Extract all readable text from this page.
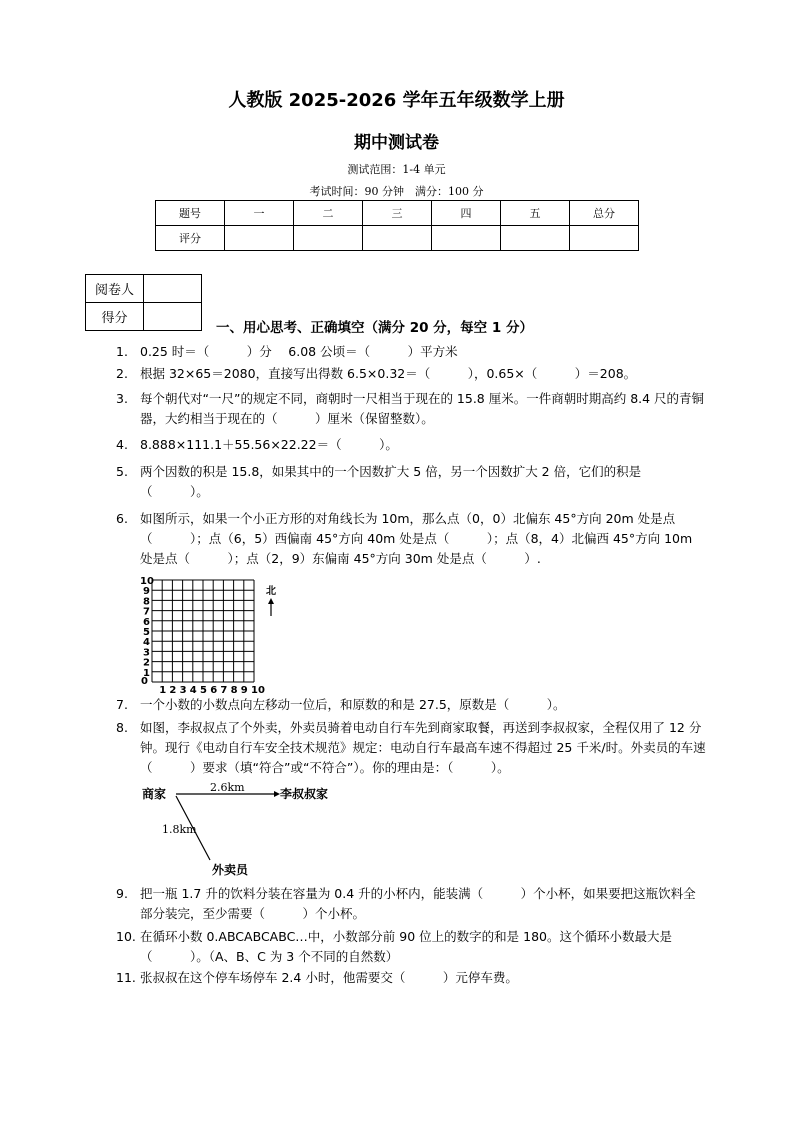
人教版 2025-2026 学年五年级数学上册
期中测试卷
测试范围：1-4 单元
考试时间：90 分钟　满分：100 分
题号	一	二	三	四	五	总分
评分						
阅卷人	
得分	
一、用心思考、正确填空（满分 20 分，每空 1 分）
1. 0.25 时＝（　　　）分　 6.08 公顷＝（　　　）平方米
2. 根据 32×65＝2080，直接写出得数 6.5×0.32＝（　　　），0.65×（　　　）＝208。
3. 每个朝代对“一尺”的规定不同，商朝时一尺相当于现在的 15.8 厘米。一件商朝时期高约 8.4 尺的青铜器，大约相当于现在的（　　　）厘米（保留整数）。
4. 8.888×111.1＋55.56×22.22＝（　　　）。
5. 两个因数的积是 15.8，如果其中的一个因数扩大 5 倍，另一个因数扩大 2 倍，它们的积是（　　　）。
6. 如图所示，如果一个小正方形的对角线长为 10m，那么点（0，0）北偏东 45°方向 20m 处是点（　　　）；点（6，5）西偏南 45°方向 40m 处是点（　　　）；点（8，4）北偏西 45°方向 10m 处是点（　　　）；点（2，9）东偏南 45°方向 30m 处是点（　　　）.
0
1 2 3 4 5 6 7 8 9 10
1
2
3
4
5
6
7
8
9
10
北
7. 一个小数的小数点向左移动一位后，和原数的和是 27.5，原数是（　　　）。
8. 如图，李叔叔点了个外卖，外卖员骑着电动自行车先到商家取餐，再送到李叔叔家，全程仅用了 12 分钟。现行《电动自行车安全技术规范》规定：电动自行车最高车速不得超过 25 千米/时。外卖员的车速（　　　）要求（填“符合”或“不符合”）。你的理由是：（　　　）。
商家	2.6km	李叔叔家
1.8km
外卖员
9. 把一瓶 1.7 升的饮料分装在容量为 0.4 升的小杯内，能装满（　　　）个小杯，如果要把这瓶饮料全部分装完，至少需要（　　　）个小杯。
10. 在循环小数 0.ABCABCABC…中，小数部分前 90 位上的数字的和是 180。这个循环小数最大是（　　　）。（A、B、C 为 3 个不同的自然数）
11. 张叔叔在这个停车场停车 2.4 小时，他需要交（　　　）元停车费。
